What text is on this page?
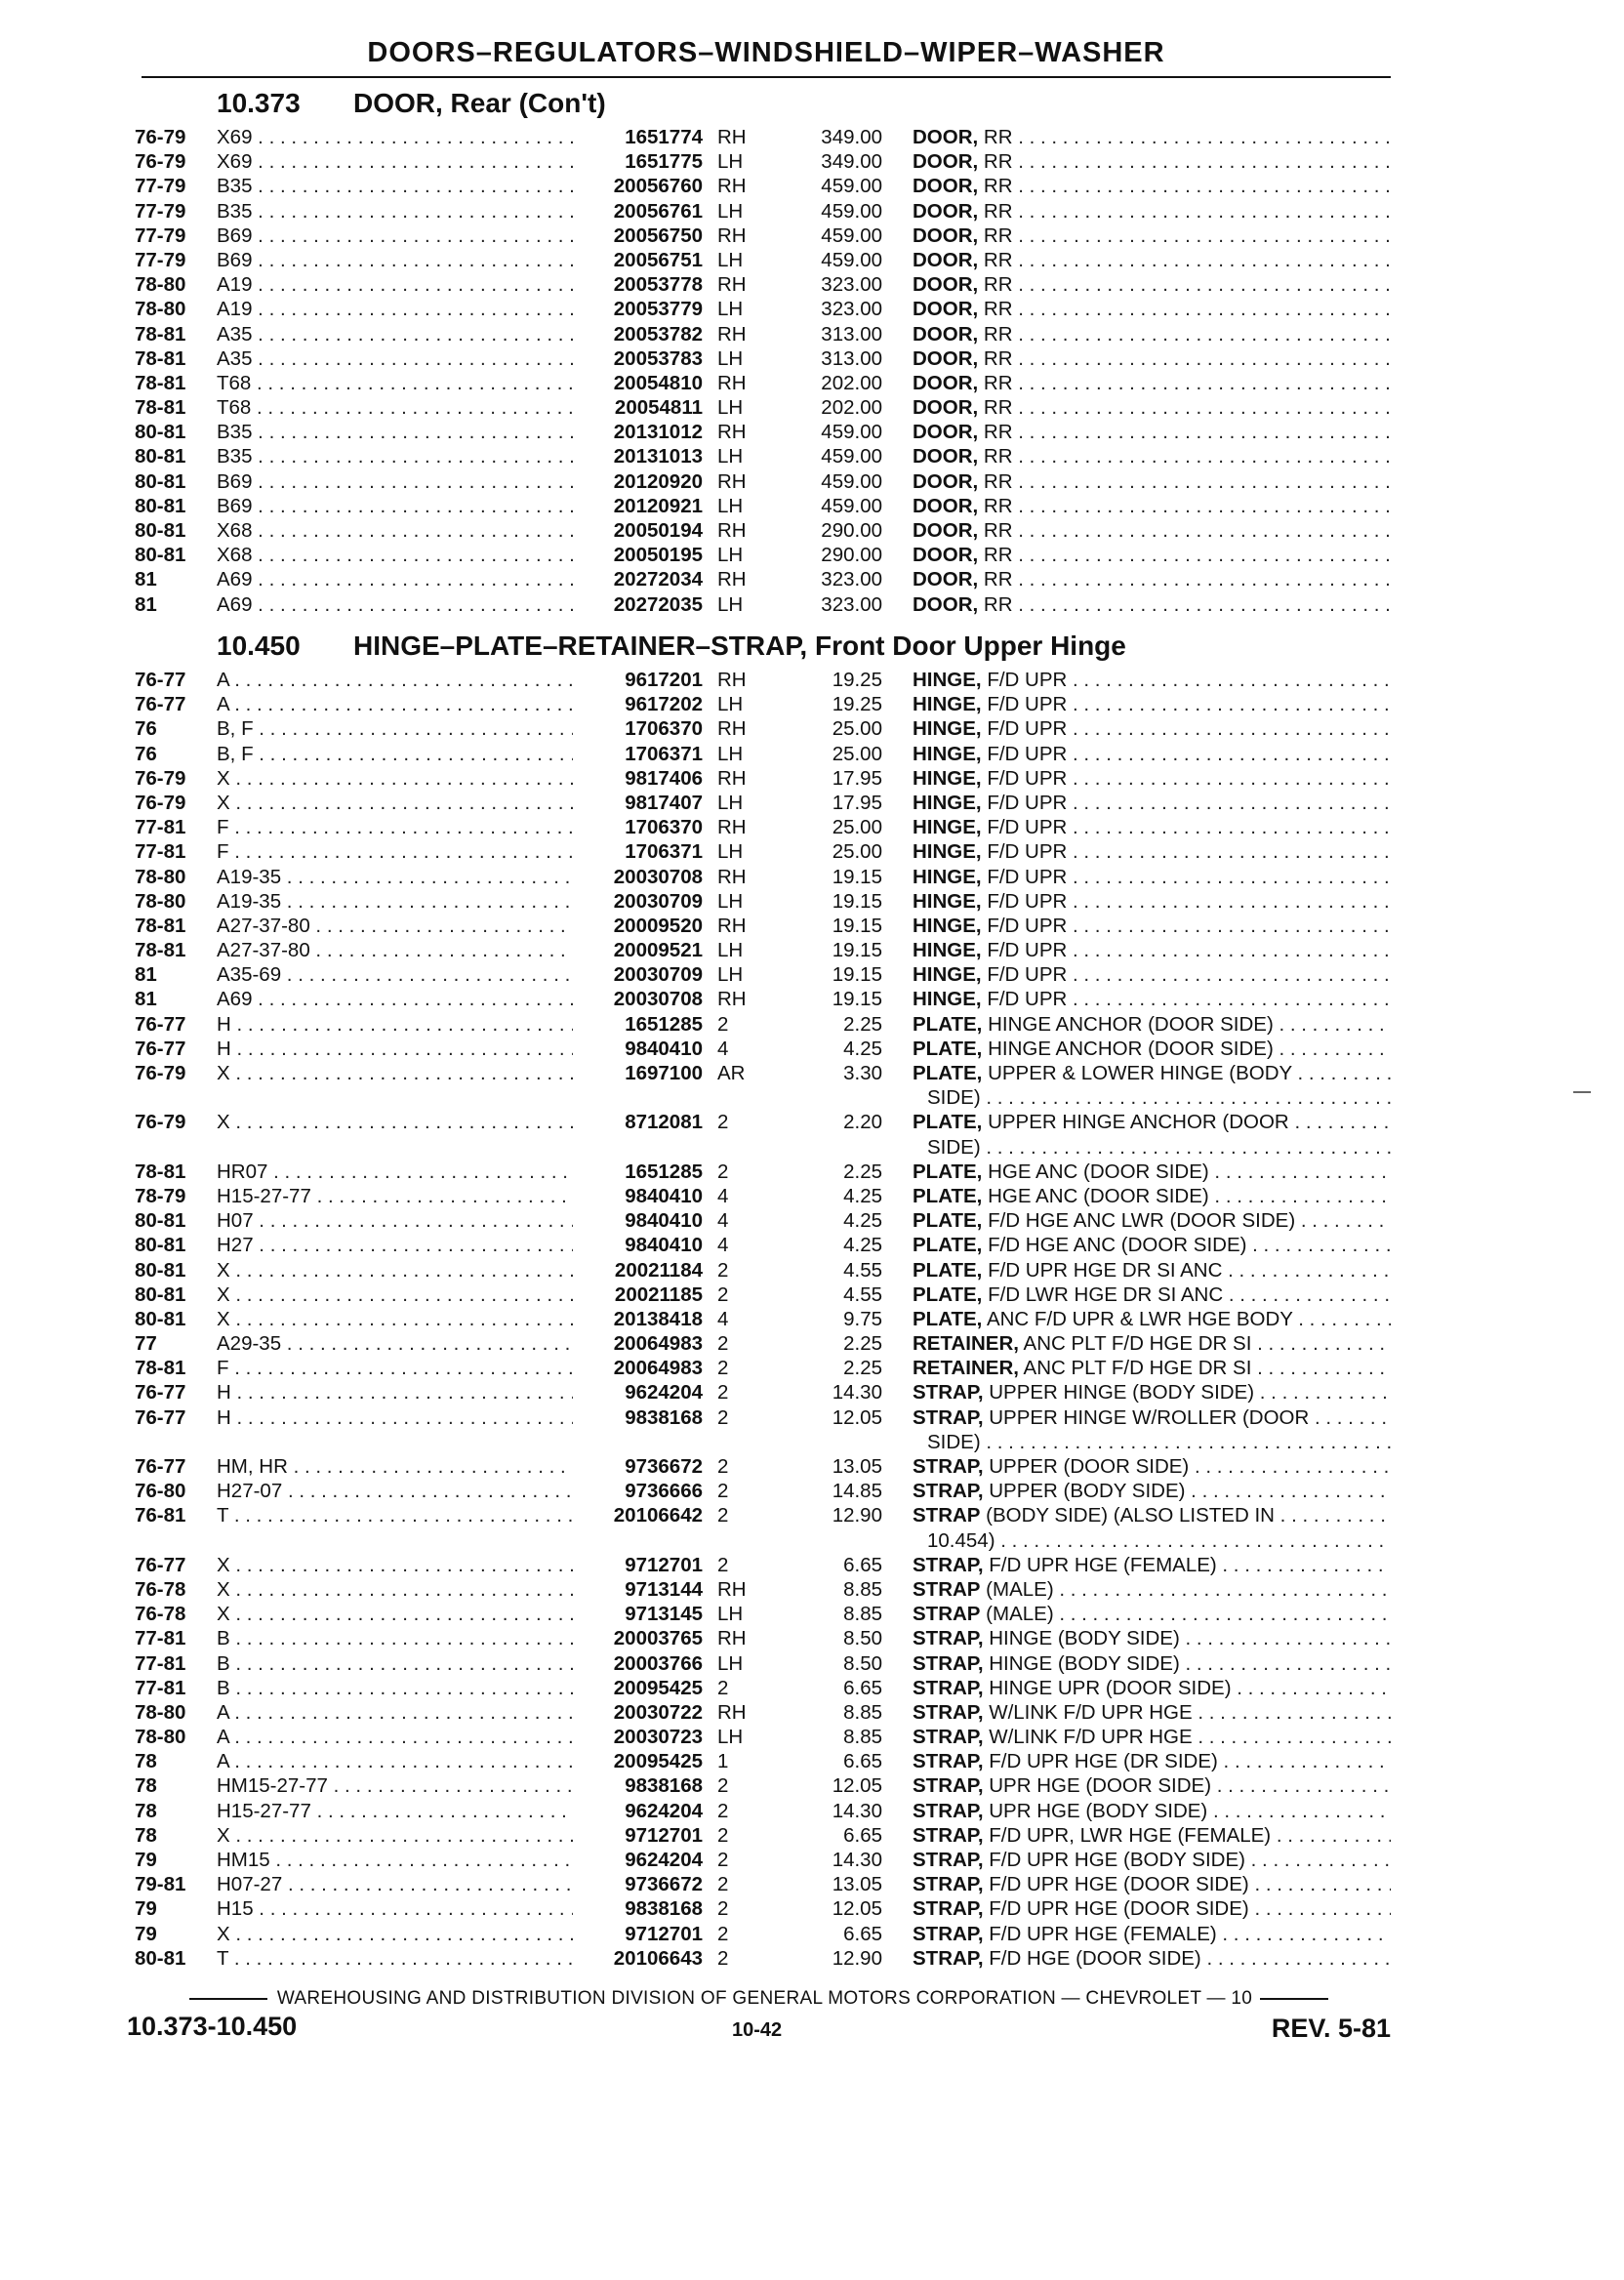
DOORS–REGULATORS–WINDSHIELD–WIPER–WASHER
10.373 DOOR, Rear (Con't)
76-79 X69 . . .	1651774 RH	349.00 DOOR, RR . . .
76-79 X69 . . .	1651775 LH	349.00 DOOR, RR . . .
77-79 B35 . . .	20056760 RH	459.00 DOOR, RR . . .
77-79 B35 . . .	20056761 LH	459.00 DOOR, RR . . .
77-79 B69 . . .	20056750 RH	459.00 DOOR, RR . . .
77-79 B69 . . .	20056751 LH	459.00 DOOR, RR . . .
78-80 A19 . . .	20053778 RH	323.00 DOOR, RR . . .
78-80 A19 . . .	20053779 LH	323.00 DOOR, RR . . .
78-81 A35 . . .	20053782 RH	313.00 DOOR, RR . . .
78-81 A35 . . .	20053783 LH	313.00 DOOR, RR . . .
78-81 T68 . . .	20054810 RH	202.00 DOOR, RR . . .
78-81 T68 . . .	20054811 LH	202.00 DOOR, RR . . .
80-81 B35 . . .	20131012 RH	459.00 DOOR, RR . . .
80-81 B35 . . .	20131013 LH	459.00 DOOR, RR . . .
80-81 B69 . . .	20120920 RH	459.00 DOOR, RR . . .
80-81 B69 . . .	20120921 LH	459.00 DOOR, RR . . .
80-81 X68 . . .	20050194 RH	290.00 DOOR, RR . . .
80-81 X68 . . .	20050195 LH	290.00 DOOR, RR . . .
81	A69 . . .	20272034 RH	323.00 DOOR, RR . . .
81	A69 . . .	20272035 LH	323.00 DOOR, RR . . .
10.450 HINGE–PLATE–RETAINER–STRAP, Front Door Upper Hinge
76-77 A . . .	9617201 RH	19.25 HINGE, F/D UPR . . .
76-77 A . . .	9617202 LH	19.25 HINGE, F/D UPR . . .
76	B, F . . .	1706370 RH	25.00 HINGE, F/D UPR . . .
76	B, F . . .	1706371 LH	25.00 HINGE, F/D UPR . . .
76-79 X . . .	9817406 RH	17.95 HINGE, F/D UPR . . .
76-79 X . . .	9817407 LH	17.95 HINGE, F/D UPR . . .
77-81 F . . .	1706370 RH	25.00 HINGE, F/D UPR . . .
77-81 F . . .	1706371 LH	25.00 HINGE, F/D UPR . . .
78-80 A19-35 . . .	20030708 RH	19.15 HINGE, F/D UPR . . .
78-80 A19-35 . . .	20030709 LH	19.15 HINGE, F/D UPR . . .
78-81 A27-37-80 . . .	20009520 RH	19.15 HINGE, F/D UPR . . .
78-81 A27-37-80 . . .	20009521 LH	19.15 HINGE, F/D UPR . . .
81	A35-69 . . .	20030709 LH	19.15 HINGE, F/D UPR . . .
81	A69 . . .	20030708 RH	19.15 HINGE, F/D UPR . . .
76-77 H . . .	1651285 2	2.25 PLATE, HINGE ANCHOR (DOOR SIDE) . . .
76-77 H . . .	9840410 4	4.25 PLATE, HINGE ANCHOR (DOOR SIDE) . . .
76-79 X . . .	1697100 AR	3.30 PLATE, UPPER & LOWER HINGE (BODY . . .
SIDE) . . .
76-79 X . . .	8712081 2	2.20 PLATE, UPPER HINGE ANCHOR (DOOR . . .
SIDE) . . .
78-81 HR07 . . .	1651285 2	2.25 PLATE, HGE ANC (DOOR SIDE) . . .
78-79 H15-27-77 . . .	9840410 4	4.25 PLATE, HGE ANC (DOOR SIDE) . . .
80-81 H07 . . .	9840410 4	4.25 PLATE, F/D HGE ANC LWR (DOOR SIDE) . . .
80-81 H27 . . .	9840410 4	4.25 PLATE, F/D HGE ANC (DOOR SIDE) . . .
80-81 X . . .	20021184 2	4.55 PLATE, F/D UPR HGE DR SI ANC . . .
80-81 X . . .	20021185 2	4.55 PLATE, F/D LWR HGE DR SI ANC . . .
80-81 X . . .	20138418 4	9.75 PLATE, ANC F/D UPR & LWR HGE BODY . . .
77	A29-35 . . .	20064983 2	2.25 RETAINER, ANC PLT F/D HGE DR SI . . .
78-81 F . . .	20064983 2	2.25 RETAINER, ANC PLT F/D HGE DR SI . . .
76-77 H . . .	9624204 2	14.30 STRAP, UPPER HINGE (BODY SIDE) . . .
76-77 H . . .	9838168 2	12.05 STRAP, UPPER HINGE W/ROLLER (DOOR . . .
SIDE) . . .
76-77 HM, HR . . .	9736672 2	13.05 STRAP, UPPER (DOOR SIDE) . . .
76-80 H27-07 . . .	9736666 2	14.85 STRAP, UPPER (BODY SIDE) . . .
76-81 T . . .	20106642 2	12.90 STRAP (BODY SIDE) (ALSO LISTED IN . . .
10.454) . . .
76-77 X . . .	9712701 2	6.65 STRAP, F/D UPR HGE (FEMALE) . . .
76-78 X . . .	9713144 RH	8.85 STRAP (MALE) . . .
76-78 X . . .	9713145 LH	8.85 STRAP (MALE) . . .
77-81 B . . .	20003765 RH	8.50 STRAP, HINGE (BODY SIDE) . . .
77-81 B . . .	20003766 LH	8.50 STRAP, HINGE (BODY SIDE) . . .
77-81 B . . .	20095425 2	6.65 STRAP, HINGE UPR (DOOR SIDE) . . .
78-80 A . . .	20030722 RH	8.85 STRAP, W/LINK F/D UPR HGE . . .
78-80 A . . .	20030723 LH	8.85 STRAP, W/LINK F/D UPR HGE . . .
78	A . . .	20095425 1	6.65 STRAP, F/D UPR HGE (DR SIDE) . . .
78	HM15-27-77 . . .	9838168 2	12.05 STRAP, UPR HGE (DOOR SIDE) . . .
78	H15-27-77 . . .	9624204 2	14.30 STRAP, UPR HGE (BODY SIDE) . . .
78	X . . .	9712701 2	6.65 STRAP, F/D UPR, LWR HGE (FEMALE) . . .
79	HM15 . . .	9624204 2	14.30 STRAP, F/D UPR HGE (BODY SIDE) . . .
79-81 H07-27 . . .	9736672 2	13.05 STRAP, F/D UPR HGE (DOOR SIDE) . . .
79	H15 . . .	9838168 2	12.05 STRAP, F/D UPR HGE (DOOR SIDE) . . .
79	X . . .	9712701 2	6.65 STRAP, F/D UPR HGE (FEMALE) . . .
80-81 T . . .	20106643 2	12.90 STRAP, F/D HGE (DOOR SIDE) . . .
WAREHOUSING AND DISTRIBUTION DIVISION OF GENERAL MOTORS CORPORATION — CHEVROLET — 10
10.373-10.450	10-42	REV. 5-81
